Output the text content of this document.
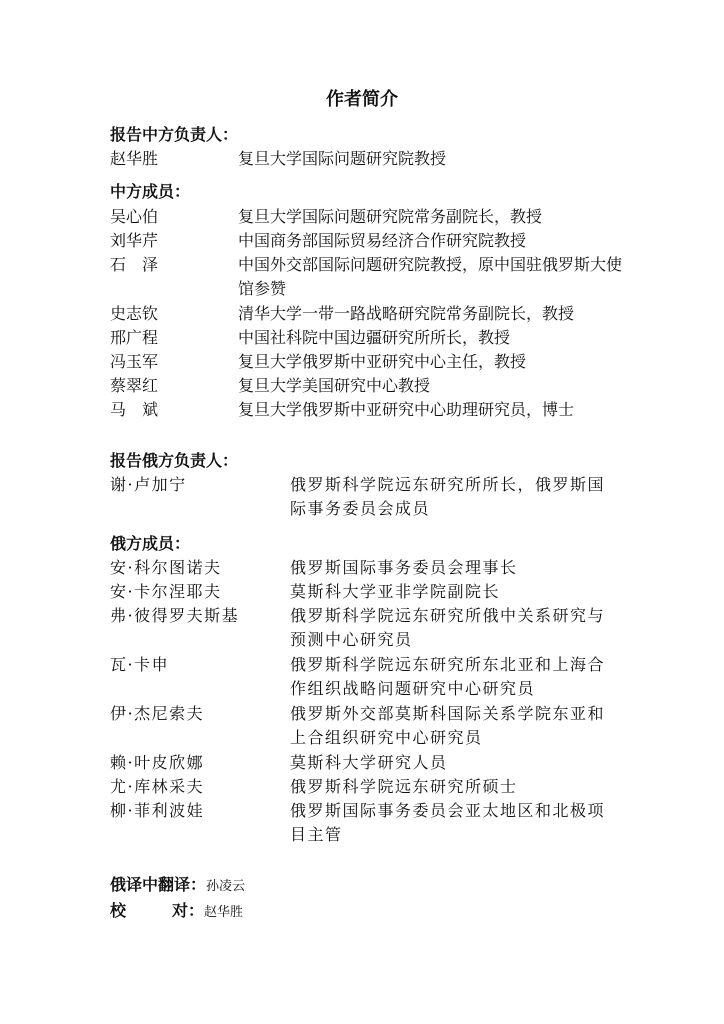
作者简介
报告中方负责人：
赵华胜	复旦大学国际问题研究院教授
中方成员：
吴心伯	复旦大学国际问题研究院常务副院长，教授
刘华芹	中国商务部国际贸易经济合作研究院教授
石　泽	中国外交部国际问题研究院教授，原中国驻俄罗斯大使馆参赞
史志钦	清华大学一带一路战略研究院常务副院长，教授
邢广程	中国社科院中国边疆研究所所长，教授
冯玉军	复旦大学俄罗斯中亚研究中心主任，教授
蔡翠红	复旦大学美国研究中心教授
马　斌	复旦大学俄罗斯中亚研究中心助理研究员，博士
报告俄方负责人：
谢·卢加宁	俄罗斯科学院远东研究所所长，俄罗斯国际事务委员会成员
俄方成员：
安·科尔图诺夫	俄罗斯国际事务委员会理事长
安·卡尔涅耶夫	莫斯科大学亚非学院副院长
弗·彼得罗夫斯基	俄罗斯科学院远东研究所俄中关系研究与预测中心研究员
瓦·卡申	俄罗斯科学院远东研究所东北亚和上海合作组织战略问题研究中心研究员
伊·杰尼索夫	俄罗斯外交部莫斯科国际关系学院东亚和上合组织研究中心研究员
赖·叶皮欣娜	莫斯科大学研究人员
尤·库林采夫	俄罗斯科学院远东研究所硕士
柳·菲利波娃	俄罗斯国际事务委员会亚太地区和北极项目主管
俄译中翻译：孙凌云
校	对：赵华胜
